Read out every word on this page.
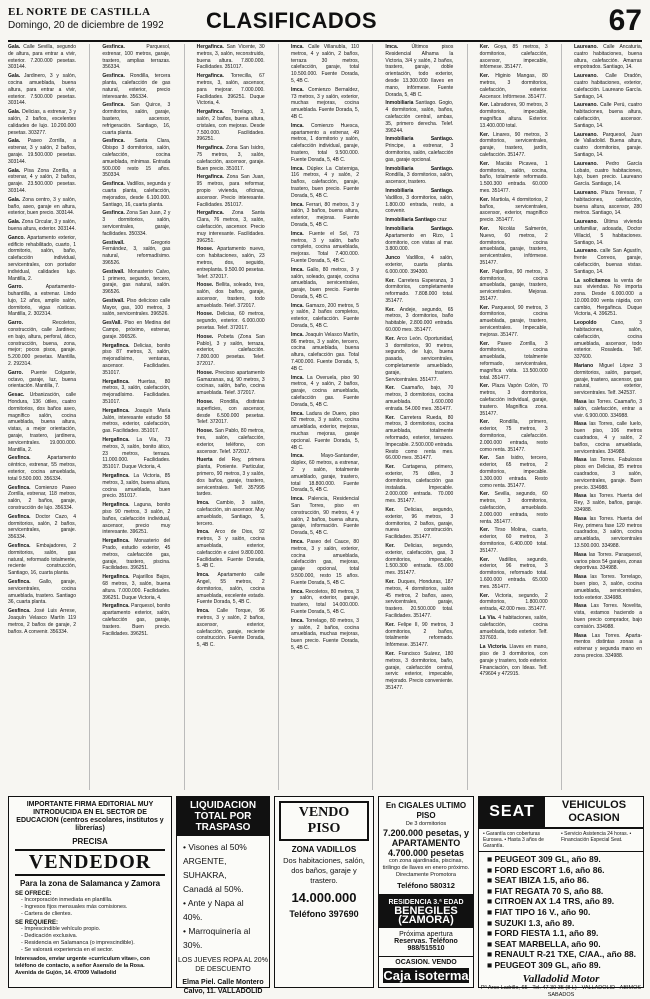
EL NORTE DE CASTILLA
Domingo, 20 de diciembre de 1992 CLASIFICADOS	67
Gala. Calle Sevilla, segundo de altura, para entrar a vivir, exterior. 7.200.000 pesetas. 303144.
Gala. Jardinero, 3 y salón, cocina amueblada, buena altura, para entrar a vivir, exterior. 7.500.000 pesetas. 303144.
Gala. Delicias, a estrenar, 3 y salón, 2 baños, excelentes calidades de lujo. 10.200.000 pesetas. 303277.
Gala. Paseo Zorrilla, a estrenar, 3 y salón, 2 baños, garaje. 19.500.000 pesetas. 303144.
Gala. Pisa Zona Zorrilla, a estrenar, 4 y salón, 2 baños, garaje. 23.500.000 pesetas. 303144.
Gala. Zona centro, 3 y salón, baño, aseo, garaje en altura, exterior, buen precio. 303144.
Gala. Zona Circular, 3 y salón, buena altura, exterior. 303144.
Ganco. Apartamento exterior, edificio rehabilitado, cuarto, 1 dormitorio, salón, baño, calefacción individual, servicentrales, con portador individual, calidades lujo. Mantilla, 2.
Garro. Apartamento-buhardilla, a estrenar. Lindo lujo, 12 años, amplio salón, dormitorio, vigas rústicas. Mantilla, 2. 302314.
Garro. Recoletos, construcción, calle Jardines; en bajo, altura, perforal, ático, construcción, buena, zona, mejor; pocos pisos, garaje. 5.200.000 pesetas. Mantilla, 2. 292314.
Garro. Puente Colgante, octavo, garaje, luz, buena orientación. Mantilla, 7.
Gesac. Urbanización, calle Hondura, 136 útiles, cuatro dormitorios, dos baños aseo, magnífico salón, cocina amueblada, buena altura, vistas, a mejor orientación, garaje, trastero, jardinera, servicentrales. 19.000.000. Mantilla, 2.
Gesfinca. Apartamento céntrico, estrenar, 55 metros, exterior, cocina amueblada, total 9.500.000. 356334.
Gesfinca. Comienzo Paseo Zorrilla, estrenar, 118 metros, salón, 2 baños, garaje, construcción de lujo. 356334.
Gesfinca. Doctor Cazo, 4 dormitorios, salón, 2 baños, servicentrales, garaje. 356334.
Gesfinca. Embajadores, 2 dormitorios, salón, gas natural, reformado totalmente, reciente construcción, Santiago, 16, cuarta planta.
Gesfinca. Gallo, garaje, servicentrales, cocina amueblada, trastero. Santiago 36, cuarta planta.
Gesfinca. José Luis Arrese, Joaquín Velasco Martín 119 metros, 2 baños de garaje, 2 baños. A convenir. 356334.
Gesfinca. Parquesol, estrenar, 100 metros, garaje, trastero, amplias terrazas. 356334.
Gesfinca. Rondilla, tercera planta, calefacción de gas natural, exterior, precio interesante. 356334.
Gesfinca. San Quirce, 3 dormitorios, salón, garaje, bastero, ascensor, refrigeración. Santiago, 16, cuarta planta.
Gesfinca. Santa Clara, Obispo 3 dormitorios, salón, calefacción, cocina amueblada, mínimas. Entrada 500.000 resto 15 años. 350334.
Gesfinca. Vadillos, segunda y cuarta planta, calefacción, mejorados, desde 6.100.000. Santiago, 16, cuarta planta.
Gesfinca. Zona San Juan, 2 y 3 dormitorios, salón, servicentrales, garaje, facilidades. 350334.
Gestivall. Gregorio Fernández, 3, salón, gas natural, reformadísimo. 396526.
Gestivall. Monasterio Calvo, 1 primero, segundo, tercero, garaje, gas natural, salón. 396526.
Gestivall. Piso delicioso calle Mayor, gas, 100 metros, 3 salón, servicentrales. 396526.
GesVall. Piso en Medina del Campo, próximo, estrenar, garaje. 396526.
Hergafinca. Delicias, bonito piso 87 metros, 3, salón, mejoradísimo, ventanas, ascensor. Facilidades. 351017.
Hergafinca. Huertas, 80 metros, 3, salón, calefacción, mejoradísimo. Facilidades. 351017.
Hergafinca. Joaquín María Jalón, interesante estudio 58 metros, exterior, calefacción, gas. Facilidades. 351017.
Hergafinca. La Vía, 73 metros, 3, salón, bonito ático, 23 metros, terraza. 11.000.000. Facilidades. 351017. Duque Victoria, 4.
Hergafinca. La Victoria, 85 metros, 3, salón, buena altura, cocina amueblada, buen precio. 351017.
Hergafinca. Laguna, bonito piso 90 metros, 3 salón, 2 baños, calefacción individual, ascensor, precio muy interesante. 396251.
Hergafinca. Monasterio del Prado, estudio exterior, 45 metros, calefacción gas, garaje, trastero, piscina. Facilidades. 396251.
Hergafinca. Pajarillos Bajos, 68 metros, 3, salón, buena altura. 7.000.000. Facilidades. 396251. Duque Victoria, 4.
Hergafinca. Parquesol, bonito apartamento exterior, salón, calefacción gas, garaje, trastero. Buen precio. Facilidades. 396251.
Hergafinca. San Vicente, 30 metros, 3, salón, reconstruido, buena altura. 7.800.000. Facilidades. 351017.
Hergafinca. Torrecilla, 67 metros, 3, salón, ascensor, para mejorar. 7.000.000. Facilidades. 396251. Duque Victoria, 4.
Hergafinca. Torrelago, 3, salón, 2 baños, buena altura, cristales, con mejoras. Desde 7.500.000. Facilidades. 396251.
Hergafinca. Zona San Isidro, 75 metros, 3, salón, calefacción, ascensor, garaje. Buen precio. 351017.
Hergafinca. Zona San Juan, 95 metros, para reformar, propio vivienda, oficinas, ascensor. Precio interesante. Facilidades. 351017.
Hergafinca. Zona Santa Clara, 76 metros, 3, salón, calefacción, ascensor. Precio muy interesante. Facilidades. 396251.
Hoose. Apartamento nuevo, con habitaciones, salón, 23 metros, dos, seguido, entreplanta. 9.500.00 pesetas. Telef. 372017.
Hoose. Bellita, soleado, tres, salón, dos baños, garaje, ascensor, trastero, todo amueblado. Telef. 372017.
Hoose. Delicias, 60 metros, segundo, exterior. 6.000.000 pesetas. Telef. 372017.
Hoose. Pobeta (Zona San Pablo), 3 y salón, terraza, exterior, calefacción. 7.800.000 pesetas. Telef. 372017.
Hoose. Precioso apartamento Gamazanas, suj, 90 metros, 3 cocinas, salón, baño, cocina amueblada. Telef. 372017.
Hoose. Rondilla, distintas superficies, con ascensor, desde 6.500.000 pesetas. Telef. 372017.
Hoose. San Pablo, 80 metros, tres, salón, calefacción, exterior, teléfono, con ascensor. Telef. 372017.
Huerta del Rey, primera planta, Poniente. Particular, primero, 90 metros, 3 y salón, dos baños, garaje, trastero, servicentrales. Telf. 357995 tardes.
Imca. Cambio, 3 salón, calefacción, sin ascensor. Muy amueblado, Santiago, 5, tercero.
Imca. Arco de Dios, 92 metros, 3 y salón, cocina amueblada, exterior, calefacción e cárei 9.800.000. Facilidades. Fuente Dorada, 5. 4B C.
Imca. Apartamento calle Angel, 55 metros, 2 dormitorios, salón, cocina amueblada, excelente estado. Fuente Dorada, 5, 4B C.
Imca. Calle Torque, 96 metros, 3 y salón, 2 baños, ascensor, exterior, calefacción, garaje, reciente construcción. Fuente Dorada, 5, 4B C.
Imca. Calle Villanubla, 110 metros, 4 y salón, 2 baños, terraza 30 metros, calefacción, garaje, total 10.500.000. Fuente Dorada, 5, 4B C.
Imca. Comienzo Bernaldez, 73 metros, 3 y salón, exterior, muchas mejoras, cocina amueblada. Fuente Dorada, 5, 4B C.
Imca. Comienzo Huesca, apartamento a estrenar, 49 metros, 1 dormitorio y salón, calefacción individual, garaje, trastero, total 9.500.000. Fuente Dorada, 5, 4B C.
Imca. Dúplex La Cisterniga, 116 metros, 4 y salón, 2 baños, calefacción, garaje, trastero, buen precio. Fuente Dorada, 5, 4B C.
Imca. Ferrari, 80 metros, 3 y salón, 3 baños, buena altura, exterior, mejoras. Fuente Dorada, 5, 4B C.
Imca. Fuente el Sol, 73 metros, 3 y salón, baño completo, cocina amueblada, mejoras. Total 7.400.000. Fuente Dorada, 5, 4B C.
Imca. Gallo, 80 metros, 3 y salón, soleado, garaje, cocina amueblada, servicentrales, garaje, buen precio. Fuente Dorada, 5, 4B C.
Imca. Gamazo, 200 metros, 5 y salón, 2 baños completos, exterior, calefacción. Fuente Dorada, 5, 4B C.
Imca. Joaquín Velasco Martín, 86 metros, 3 y salón, tercero, cocina amueblada, buena altura, calefacción gas. Total 7.400.000. Fuente Dorada, 5, 4B C.
Imca. La Overuela, piso 90 metros, 4 y salón, 2 baños, garaje, cocina amueblada, calefacción gas. Fuente Dorada, 5, 4B C.
Imca. Ladura de Duero, piso 82 metros, 3 y salón, cocina amueblada, exterior, mejoras, muchas mejoras, garaje opcional. Fuente Dorada, 5, 4B C.
Imca. Mayo-Santander, dúplex, 60 metros, a estrenar, 2 y salón, totalmente amueblado, garaje, trastero, total 18.800.000. Fuente Dorada, 5, 4B C.
Imca. Palencia, Residencial San Torres, piso en construcción, 90 metros, 4 y salón, 2 baños, buena altura, garaje, información. Fuente Dorada, 5, 4B C.
Imca. Paseo del Cauce, 80 metros, 3 y salón, exterior, cocina amueblada, calefacción gas, mejoras, garaje opcional, total 9.500.000, resto 15 años. Fuente Dorada, 5, 4B C.
Imca. Recoletos, 80 metros, 3 y salón, exterior, garaje, trastero, total 14.000.000. Fuente Dorada, 5, 4B C.
Imca. Torrelago, 80 metros, 3 y salón, 2 baños, cocina amueblada, muchas mejoras, buen precio. Fuente Dorada, 5, 4B C.
Imca. Últimos pisos Residencial Alhama la Victoria, 3/4 y salón, 2 baños, trastero, garaje, doble orientación, todo exterior, desde 13.300.000 llaves en mano, infórmese. Fuente Dorada, 5, 4B C.
Inmobiliaria Santiago. Gogio, 4 dormitorios, salón, baños, calefacción central, ambas, 35, primero derecha. Telef. 396244.
Inmobiliaria Santiago. Principe, a estrenar, 3 dormitorios, salón, calefacción gas, garaje opcional.
Inmobiliaria Santiago. Rondilla, 3 dormitorios, salón, ascensor, trastero.
Inmobiliaria Santiago. Vadillos, 3 dormitorios, salón, 1.800.00 entrada, resto, a convenir.
Inmobiliaria Santiago cruz
Inmobiliaria Santiago. Apartamento en Rizo, 1 dormitorio, con vistas al mar. 3.800.000.
Junco Vadillos, 4 salón, exterior, cuarta planta. 6.000.000. 394300.
Ker. Carretera Esperanza, 3 dormitorios, completamente reformado. 7.808.000 total. 351477.
Ker. Andeje, segundo, 65 metros, 3 dormitorios, baño habitable, 2.800.000 entrada. 60.000 mes. 351477.
Ker. Arco León. Oportunidad, 3 dormitorios, 90 metros, segundo, de lujo, buena pasada, servicentrales, completamente amueblado, garaje, trastero. Servicentrales. 351477.
Ker. Caamaño, bajo, 70 metros, 3 dormitorios, cocina amueblada. 1.600.000 entrada. 54.000 mes. 351477.
Ker. Carretera Rueda, 80 metros, 3 dormitorios, cocina amueblada, totalmente reformado, exterior, tenazeo. Impecable. 2.500.000 entrada. Resto como renta mes. 66.000 mes. 351477.
Ker. Cartagena, primero, exterior, 75 útiles, 3 dormitorios, calefacción gas instalada. Impecable. 2.000.000 entrada. 70.000 mes. 351477.
Ker. Delicias, segundo, exterior, 96 metros, 3 dormitorios, 2 baños, garaje, nueva construcción. Facilidades. 351477.
Ker. Delicias, segundo, exterior, calefacción, gas, 3 dormitorios, impecable, 1.500.300 entrada. 65.000 mes. 351477.
Ker. Duques, Honduras, 187 metros, 4 dormitorios, salón 45 metros, 2 baños, aseo, servicentrales, garaje, trastero. 20.500.000 total. Facilidades. 351477.
Ker. Felipe II, 90 metros, 3 dormitorios, 2 baños, totalmente reformado. Infórmese. 351477.
Ker. Francisco Suárez, 180 metros, 3 dormitorios, baño, garaje, calefacción central, servic exterior, impecable, mejorado. Precio conveniente. 351477.
Ker. Goya, 85 metros, 3 dormitorios, calefacción, ascensor, impecable, infórmese. 351477.
Ker. Higinio Mangas, 80 metros, 3 dormitorios, calefacción, exterior. Ascensor. Infórmese. 351477.
Ker. Labradores, 90 metros, 3 dormitorios, impecable, magnífica altura. Exterior. 13.400.000 total.
Ker. Linares, 90 metros, 3 dormitorios, servicentrales, garaje, trastero, jardín, calefacción. 351477.
Ker. Maciás Picavea, 1 dormitorios, salón, cocina, baño, totalmente reformado. 1.500.300 entrada. 60.000 mes. 351477.
Ker. Martiola, 4 dormitorios, 2 baños, servicentrales, ascensor, exterior, magnífico precio. 351477.
Ker. Nicolás Salmerón, Nuevo, 60 metros, 2 dormitorios, cocina amueblada, garaje, trastero, servicentrales, infórmese. 351477.
Ker. Pajarillos, 90 metros, 3 dormitorios, cocina amueblada, garaje, trastero, servicentrales. Mejoras. 351477.
Ker. Parquesol, 90 metros, 3 dormitorios, cocina amueblada, garaje, trastero, servicentrales. Impecable, mejoras. 351477.
Ker. Paseo Zorrilla, 3 dormitorios, cocina amueblada, totalmente reformado, servicentrales, magnífica vista. 13.500.000 total. 351477.
Ker. Plaza Vapón Colón, 70 metros, 3 dormitorios, calefacción individual, garaje, trastero. Magnífica zona. 351477.
Ker. Rondilla, primero, exterior, 75 metros, 3 dormitorios, calefacción. 2.000.000 entrada, resto como renta. 351477.
Ker. San Isidro, tercero, exterior, 65 metros, 2 dormitorios, impecable. 1.300.000 entrada. Resto como renta. 351477.
Ker. Sevilla, segundo, 60 metros, 3 dormitorios, calefacción, amueblado. 2.000.000 entrada, resto renta. 351477.
Ker. Tirso Molina, cuarto, exterior, 60 metros, 3 dormitorios, 6.400.000 total. 351477.
Ker. Vadillos, segundo, exterior, 96 metros, 3 dormitorios, reformado total. 1.600.000 entrada. 65.000 mes. 351477.
Ker. Victoria, segundo, 2 dormitorios, 1.800.000 entrada, 42.000 mes. 351477.
La Vía. 4 habitaciones, salón, calefacción, cocina amueblada, todo exterior. Telf. 337603.
La Victoria. Llaves en mano, piso de 3 dormitorios, con garaje y trastero, todo exterior. Financiación, con Ideas. Telf. 479604 y 472915.
Laureano. Calle Ancaturia, cuatro habitaciones, buena altura, calefacción. Amarras empotrados. Santiago, 14.
Laureano. Calle Dradón, cuatro habitaciones, exterior, calefacción. Laureano García. Santiago, 14.
Laureano. Calle Perú, cuatro habitaciones, buena altura, calefacción, ascensor. Santiago, 14.
Laureano. Parquesol, Juan de Valladolid. Buena altura, cuatro dormitorios, garaje. Santiago, 14.
Laureano. Pedro García Lobato, cuatro habitaciones, lujo, buen precio. Laureano García. Santiago, 14.
Laureano. Plaza Teresas, 7 habitaciones, calefacción, buena altura, ascensor, 280 metros. Santiago, 14.
Laureano. Última vivienda unifamiliar, adosada, Doctor Villacid, 5 habitaciones. Santiago, 14.
Laureano. calle San Agustín, frente Correos, garaje, calefacción, buenas vistas. Santiago, 14.
La solicitamos la venta de sus viviendas. No importa zona. Desde 6.000.000 a 10.000.000 venta rápida, con cambio, Hergafinca. Duque Victoria, 4. 396251.
Leopoldo Cano, 3 habitaciones, salón, calefacción, cocina amueblada, ascensor, todo exterior. Rosaleda. Telf. 337600.
Mariano Miguel López 3 dormitorios, salón, parquet, garaje, trastero, ascensor, gas natural, exterior, servicentrales. Telf. 342537.
Masa las Torres. Caamaño, 3 salón, calefacción, entrar a vivir. 6.900.000. 334988.
Masa las Torres, calle Iuelo, buen piso, 106 metros cuadrados, 4 y salón, 2 baños, cocina amueblada, servicentrales. 334988.
Masa las Torres. Fabulosos pisos en Delicias, 85 metros cuadrados, 3 salón, servicentrales, garaje. Buen precio. 334988.
Masa las Torres. Huerta del Rey, 3 salón, baños, garaje. 334988.
Masa las Torres. Huerta del Rey, primera fase 120 metros cuadrados, 3 salón, cocina amueblada, servicentrales 13.500.000. 334988.
Masa las Torres. Paraquesol, varios pisos 54 garajes, zonas deportivas. 334988.
Masa las Torres. Torrelago, buen piso, 3, salón, cocina amueblada, servicentrales, todo exterior. 334988.
Masa Las Torres. Novelita, vista, estamos haciendo a buen precio comprador, bajo comisión. 334988.
Masa Las Torres. Aparta-mentos distintas zonas a estrenar y segunda mano en zona precios. 334988.
IMPORTANTE FIRMA EDITORIAL MUY INTRODUCIDA EN EL SECTOR DE EDUCACION (centros escolares, institutos y librerías)
PRECISA
VENDEDOR
Para la zona de Salamanca y Zamora
SE OFRECE:
- Incorporación inmediata en plantilla.
- Ingresos fijos mensuales más comisiones.
- Cartera de clientes.
SE REQUIERE:
- Imprescindible vehículo propio.
- Dedicación exclusiva.
- Residencia en Salamanca (o imprescindible).
- Se valorará experiencia en el sector.
Interesados, enviar urgente «curriculum vitae», con teléfono de contacto, a señor Asenslo de la Rosa. Avenida de Gujón, 14. 47009 Valladolid
LIQUIDACION TOTAL POR TRASPASO
• Visones al 50%
ARGENTE,
SUHAKRA,
Canadá al 50%.
• Ante y Napa al 40%.
• Marroquinería al 30%.
LOS JUEVES ROPA AL 20% DE DESCUENTO
Elma Piel. Calle Montero Calvo, 11. VALLADOLID
VENDO PISO
ZONA VADILLOS
Dos habitaciones, salón, dos baños, garaje y trastero.
14.000.000
Teléfono 397690
En CIGALES ULTIMO PISO
De 3 dormitorios
7.200.000 pesetas, y
APARTAMENTO
4.700.000 pesetas
con zona ajardinada, piscinas, tirilingo de llaves en enero próximo. Directamente Promotora
Teléfono 580312
RESIDENCIA 3.ª EDAD
BENEGILES (ZAMORA)
Próxima apertura
Reservas. Teléfono 988/515510
OCASION. VENDO
Caja isoterma
SEAT	VEHICULOS OCASION
• Garantía con coberturas Eurosea. • Hasta 3 años de Garantía.
• Servicio Asistencia 24 horas. • Financiación Especial Seat.
■ PEUGEOT 309 GL, año 89.
■ FORD ESCORT 1.6, año 86.
■ SEAT IBIZA 1.5, año 86.
■ FIAT REGATA 70 S, año 88.
■ CITROEN AX 1.4 TRS, año 89.
■ FIAT TIPO 16 V., año 90.
■ SUZUKI 1.3, año 89.
■ FORD FIESTA 1.1, año 89.
■ SEAT MARBELLA, año 90.
■ RENAULT R-21 TXE, C/AA., año 88.
■ PEUGEOT 309 GL, año 89.
Valladolid Motor
Pº Arco Ladrillo, 65 · Tel. 47 30 35 (8 L) · VALLADOLID · ABIMOS SABADOS
